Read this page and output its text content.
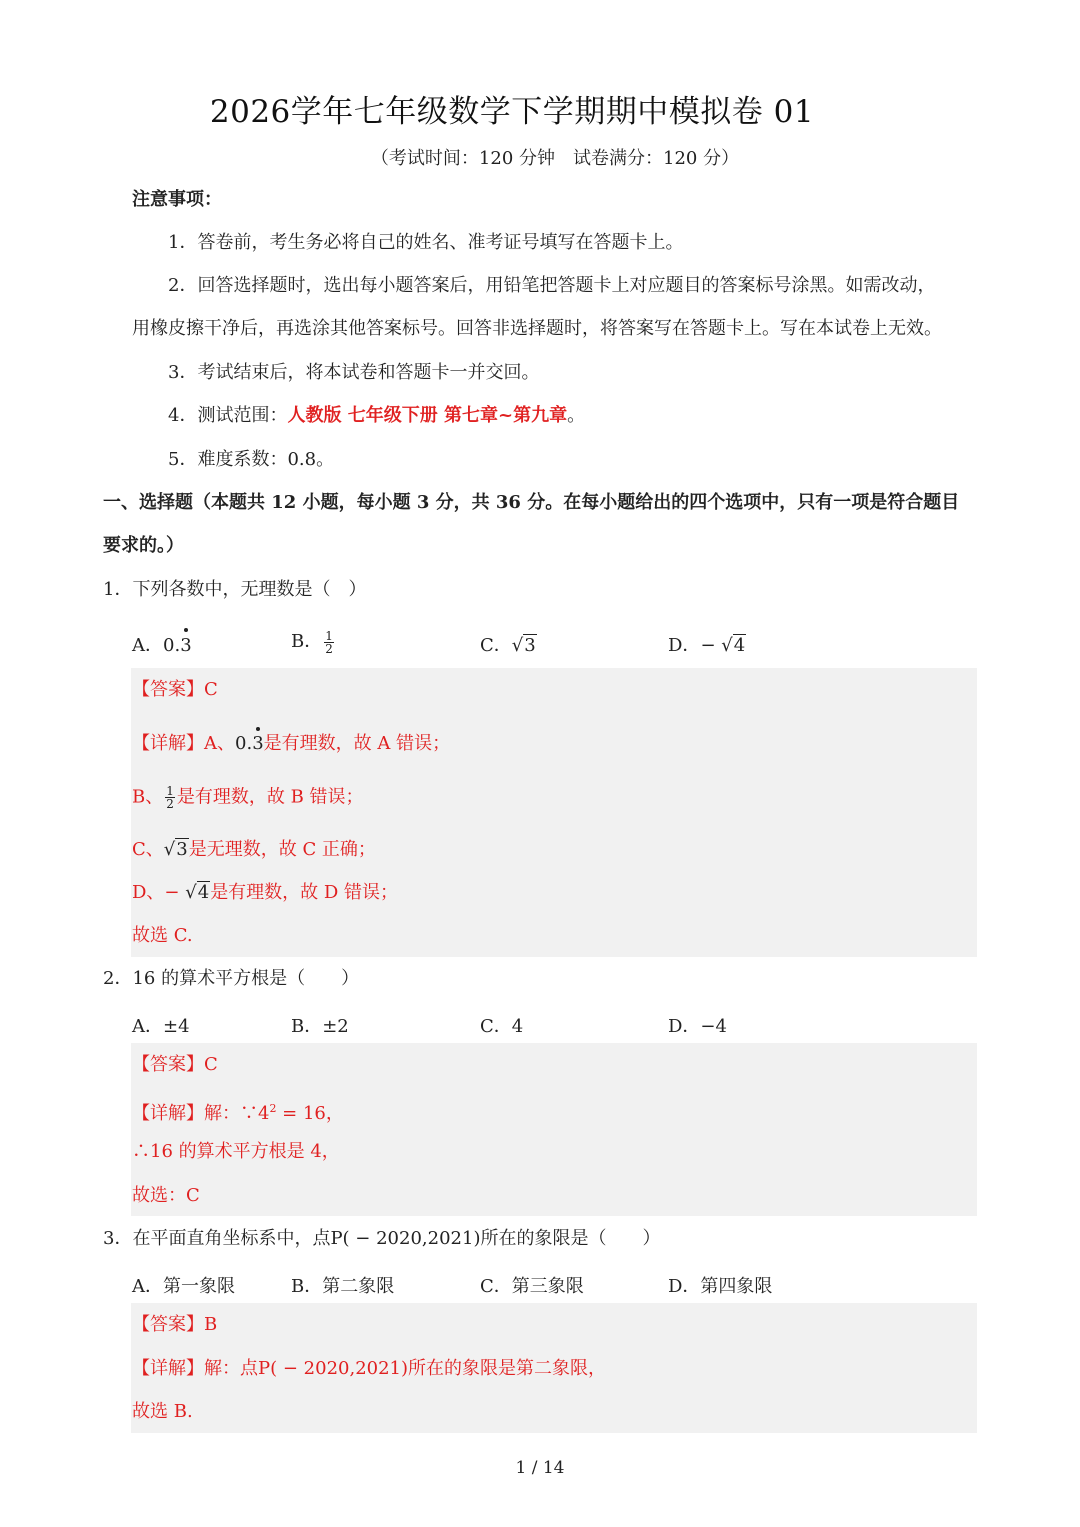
2026学年七年级数学下学期期中模拟卷 01
（考试时间：120 分钟　试卷满分：120 分）
注意事项：
1．答卷前，考生务必将自己的姓名、准考证号填写在答题卡上。
2．回答选择题时，选出每小题答案后，用铅笔把答题卡上对应题目的答案标号涂黑。如需改动，
用橡皮擦干净后，再选涂其他答案标号。回答非选择题时，将答案写在答题卡上。写在本试卷上无效。
3．考试结束后，将本试卷和答题卡一并交回。
4．测试范围：人教版 七年级下册 第七章~第九章。
5．难度系数：0.8。
一、选择题（本题共 12 小题，每小题 3 分，共 36 分。在每小题给出的四个选项中，只有一项是符合题目
要求的。）
1．下列各数中，无理数是（　）
A．0.3	B． $\frac{1}{2}$	C．√3	D．− √4
【答案】C
【详解】A、0.3是有理数，故 A 错误；
B、 $\frac{1}{2}$ 是有理数，故 B 错误；
C、√3是无理数，故 C 正确；
D、− √4是有理数，故 D 错误；
故选 C.
2．16 的算术平方根是（　　）
A．±4	B．±2	C．4	D．−4
【答案】C
【详解】解：$\because 4^2 = 16$，
∴16 的算术平方根是 4，
故选：C
3．在平面直角坐标系中，点P( − 2020,2021)所在的象限是（　　）
A．第一象限	B．第二象限	C．第三象限	D．第四象限
【答案】B
【详解】解：点P( − 2020,2021)所在的象限是第二象限，
故选 B.
1 / 14
